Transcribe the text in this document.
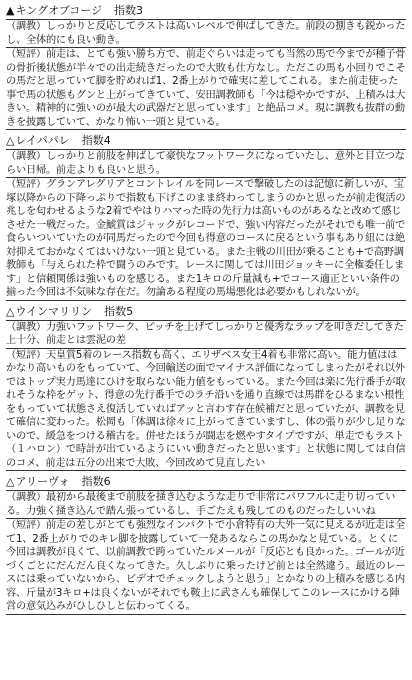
▲キングオブコージ 指数3
（調教）しっかりと反応してラストは高いレベルで伸ばしてきた。前段の捌きも鋭かったし、全体的にも良い動き。
（短評）前走は、とても強い勝ち方で、前走ぐらいは走っても当然の馬で今までが種子骨の骨折後状態が半々での出走続きだったので大敗も仕方なし。ただこの馬も小回りでこその馬だと思っていて脚を貯めれば1、2番上がりで確実に差してこれる。また前走使った事で馬の状態もグンと上がってきていて、安田調教師も「今は穏やかですが、上積みは大きい。精神的に強いのが最大の武器だと思っています」と絶品コメ。現に調教も抜群の動きを披露していて、かなり怖い一頭と見ている。
△レイパパレ 指数4
（調教）しっかりと前肢を伸ばして豪快なフットワークになっていたし、意外と目立つならい日帰。前走よりも良いと思う。
（短評）グランアレグリアとコントレイルを同レースで撃破したのは記憶に新しいが、宝塚以降からの下降っぷりで指数も下げこのまま終わってしまうのかと思ったが前走復活の兆しを匂わせるような2着でやはりハマった時の先行力は高いものがあるなと改めて感じさせた一戦だった。金鯱賞はジャックがレコードで、強い内容だったがそれでも唯一前で食らいついていたのが同馬だったので今回も得意のコースに戻るという事もあり紐には絶対抑えておかなくてはいけない一頭と見ている。また主戦の川田が乗ることも+で高野調教師も「与えられた枠で闘うのみです。レースに関しては川田ジョッキーに全権委任します」と信頼関係は強いものを感じる。また1キロの斤量減も+でコース適正といい条件の揃った今回は不気味な存在だ。勿論ある程度の馬場悪化は必要かもしれないが。
△ウインマリリン 指数5
（調教）力強いフットワーク、ピッチを上げてしっかりと優秀なラップを叩きだしてきた上十分、前走とは雲泥の差
（短評）天皇賞5着のレース指数も高く、エリザベス女王4着も非常に高い。能力値ははかなり高いものをもっていて、今回輸送の面でマイナス評価になってしまったがそれ以外ではトップ実力馬達にひけを取らない能力値をもっている。また今回は楽に先行番手が取れそうな枠をゲット、得意の先行番手でのラチ沿いを通り直線では馬群をひるまない根性をもっていて状態さえ復活していればアッと言わす存在候補だと思っていたが、調教を見て確信に変わった。松岡も「体調は徐々に上がってきていますし、体の張りが少し足りないので、緩急をつける稽古を。併せたほうが闘志を燃やすタイプですが、単走でもラスト（１ハロン）で時計が出ているようにいい動きだったと思います」と状態に関しては自信のコメ、前走は五分の出来で大敗、今回改めて見直したい
△アリーヴォ 指数6
（調教）最初から最後まで前肢を掻き込むような走りで非常にパワフルに走り切っている。力強く掻き込んで踏ん張っているし、手ごたえも残してのものだったしいいね
（短評）前走の差しがとても強烈なインパクトで小倉特有の大外一気に見えるが近走は全て1、2番上がりでのキレ脚を披露していて一発あるならこの馬かなと見ている。とくに今回は調教が良くて、以前調教で跨っていたルメールが「反応とも良かった。ゴールが近づくごとにだんだん良くなってきた。久しぶりに乗ったけど前とは全然違う。最近のレースには乗っていないから、ビデオでチェックしようと思う」とかなりの上積みを感じる内容、斤量が3キロ+は良くないがそれでも鞍上に武さんも確保してこのレースにかける陣営の意気込みがひしひしと伝わってくる。
